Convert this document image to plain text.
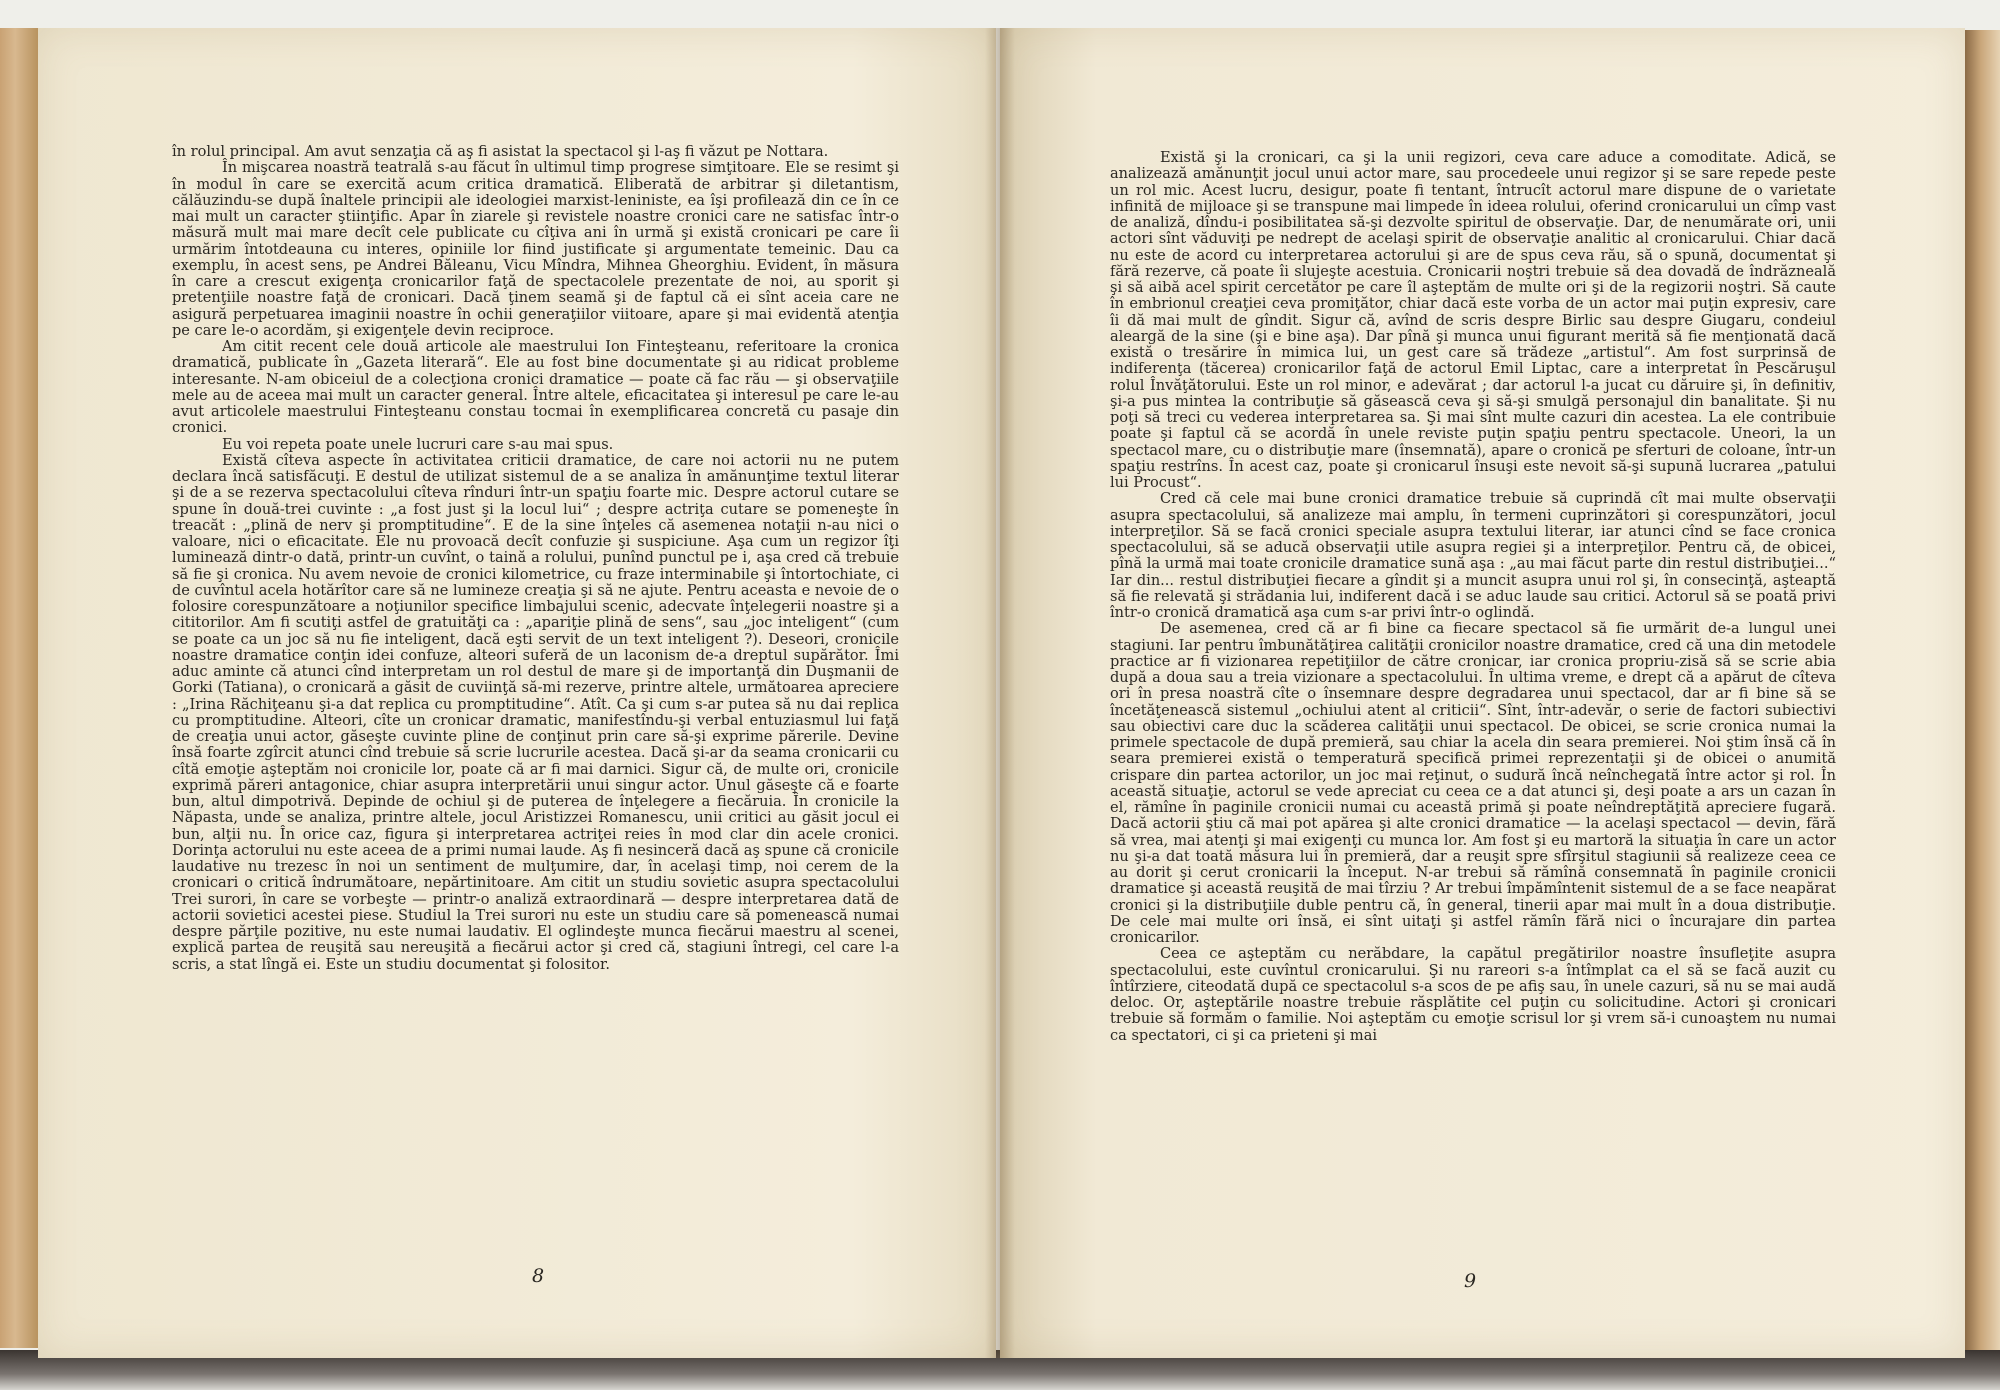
în rolul principal. Am avut senzaţia că aş fi asistat la spectacol şi l-aş fi văzut pe Nottara.

În mişcarea noastră teatrală s-au făcut în ultimul timp progrese simţitoare. Ele se resimt şi în modul în care se exercită acum critica dramatică. Eliberată de arbitrar şi diletantism, călăuzindu-se după înaltele principii ale ideologiei marxist-leniniste, ea îşi profilează din ce în ce mai mult un caracter ştiinţific. Apar în ziarele şi revistele noastre cronici care ne satisfac într-o măsură mult mai mare decît cele publicate cu cîţiva ani în urmă şi există cronicari pe care îi urmărim întotdeauna cu interes, opiniile lor fiind justificate şi argumentate temeinic. Dau ca exemplu, în acest sens, pe Andrei Băleanu, Vicu Mîndra, Mihnea Gheorghiu. Evident, în măsura în care a crescut exigenţa cronicarilor faţă de spectacolele prezentate de noi, au sporit şi pretenţiile noastre faţă de cronicari. Dacă ţinem seamă şi de faptul că ei sînt aceia care ne asigură perpetuarea imaginii noastre în ochii generaţiilor viitoare, apare şi mai evidentă atenţia pe care le-o acordăm, şi exigenţele devin reciproce.

Am citit recent cele două articole ale maestrului Ion Finteşteanu, referitoare la cronica dramatică, publicate în „Gazeta literară“. Ele au fost bine documentate şi au ridicat probleme interesante. N-am obiceiul de a colecţiona cronici dramatice — poate că fac rău — şi observaţiile mele au de aceea mai mult un caracter general. Între altele, eficacitatea şi interesul pe care le-au avut articolele maestrului Finteşteanu constau tocmai în exemplificarea concretă cu pasaje din cronici.

Eu voi repeta poate unele lucruri care s-au mai spus.

Există cîteva aspecte în activitatea criticii dramatice, de care noi actorii nu ne putem declara încă satisfăcuţi. E destul de utilizat sistemul de a se analiza în amănunţime textul literar şi de a se rezerva spectacolului cîteva rînduri într-un spaţiu foarte mic. Despre actorul cutare se spune în două-trei cuvinte : „a fost just şi la locul lui“ ; despre actriţa cutare se pomeneşte în treacăt : „plină de nerv şi promptitudine“. E de la sine înţeles că asemenea notaţii n-au nici o valoare, nici o eficacitate. Ele nu provoacă decît confuzie şi suspiciune. Aşa cum un regizor îţi luminează dintr-o dată, printr-un cuvînt, o taină a rolului, punînd punctul pe i, aşa cred că trebuie să fie şi cronica. Nu avem nevoie de cronici kilometrice, cu fraze interminabile şi întortochiate, ci de cuvîntul acela hotărîtor care să ne lumineze creaţia şi să ne ajute. Pentru aceasta e nevoie de o folosire corespunzătoare a noţiunilor specifice limbajului scenic, adecvate înţelegerii noastre şi a cititorilor. Am fi scutiţi astfel de gratuităţi ca : „apariţie plină de sens“, sau „joc inteligent“ (cum se poate ca un joc să nu fie inteligent, dacă eşti servit de un text inteligent ?). Deseori, cronicile noastre dramatice conţin idei confuze, alteori suferă de un laconism de-a dreptul supărător. Îmi aduc aminte că atunci cînd interpretam un rol destul de mare şi de importanţă din Duşmanii de Gorki (Tatiana), o cronicară a găsit de cuviinţă să-mi rezerve, printre altele, următoarea apreciere : „Irina Răchiţeanu şi-a dat replica cu promptitudine“. Atît. Ca şi cum s-ar putea să nu dai replica cu promptitudine. Alteori, cîte un cronicar dramatic, manifestîndu-şi verbal entuziasmul lui faţă de creaţia unui actor, găseşte cuvinte pline de conţinut prin care să-şi exprime părerile. Devine însă foarte zgîrcit atunci cînd trebuie să scrie lucrurile acestea. Dacă şi-ar da seama cronicarii cu cîtă emoţie aşteptăm noi cronicile lor, poate că ar fi mai darnici. Sigur că, de multe ori, cronicile exprimă păreri antagonice, chiar asupra interpretării unui singur actor. Unul găseşte că e foarte bun, altul dimpotrivă. Depinde de ochiul şi de puterea de înţelegere a fiecăruia. În cronicile la Năpasta, unde se analiza, printre altele, jocul Aristizzei Romanescu, unii critici au găsit jocul ei bun, alţii nu. În orice caz, figura şi interpretarea actriţei reies în mod clar din acele cronici. Dorinţa actorului nu este aceea de a primi numai laude. Aş fi nesinceră dacă aş spune că cronicile laudative nu trezesc în noi un sentiment de mulţumire, dar, în acelaşi timp, noi cerem de la cronicari o critică îndrumătoare, nepărtinitoare. Am citit un studiu sovietic asupra spectacolului Trei surori, în care se vorbeşte — printr-o analiză extraordinară — despre interpretarea dată de actorii sovietici acestei piese. Studiul la Trei surori nu este un studiu care să pomenească numai despre părţile pozitive, nu este numai laudativ. El oglindeşte munca fiecărui maestru al scenei, explică partea de reuşită sau nereuşită a fiecărui actor şi cred că, stagiuni întregi, cel care l-a scris, a stat lîngă ei. Este un studiu documentat şi folositor.

Există şi la cronicari, ca şi la unii regizori, ceva care aduce a comoditate. Adică, se analizează amănunţit jocul unui actor mare, sau procedeele unui regizor şi se sare repede peste un rol mic. Acest lucru, desigur, poate fi tentant, întrucît actorul mare dispune de o varietate infinită de mijloace şi se transpune mai limpede în ideea rolului, oferind cronicarului un cîmp vast de analiză, dîndu-i posibilitatea să-şi dezvolte spiritul de observaţie. Dar, de nenumărate ori, unii actori sînt văduviţi pe nedrept de acelaşi spirit de observaţie analitic al cronicarului. Chiar dacă nu este de acord cu interpretarea actorului şi are de spus ceva rău, să o spună, documentat şi fără rezerve, că poate îi slujeşte acestuia. Cronicarii noştri trebuie să dea dovadă de îndrăzneală şi să aibă acel spirit cercetător pe care îl aşteptăm de multe ori şi de la regizorii noştri. Să caute în embrionul creaţiei ceva promiţător, chiar dacă este vorba de un actor mai puţin expresiv, care îi dă mai mult de gîndit. Sigur că, avînd de scris despre Birlic sau despre Giugaru, condeiul aleargă de la sine (şi e bine aşa). Dar pînă şi munca unui figurant merită să fie menţionată dacă există o tresărire în mimica lui, un gest care să trădeze „artistul“. Am fost surprinsă de indiferenţa (tăcerea) cronicarilor faţă de actorul Emil Liptac, care a interpretat în Pescăruşul rolul Învăţătorului. Este un rol minor, e adevărat ; dar actorul l-a jucat cu dăruire şi, în definitiv, şi-a pus mintea la contribuţie să găsească ceva şi să-şi smulgă personajul din banalitate. Şi nu poţi să treci cu vederea interpretarea sa. Şi mai sînt multe cazuri din acestea. La ele contribuie poate şi faptul că se acordă în unele reviste puţin spaţiu pentru spectacole. Uneori, la un spectacol mare, cu o distribuţie mare (însemnată), apare o cronică pe sferturi de coloane, într-un spaţiu restrîns. În acest caz, poate şi cronicarul însuşi este nevoit să-şi supună lucrarea „patului lui Procust“.

Cred că cele mai bune cronici dramatice trebuie să cuprindă cît mai multe observaţii asupra spectacolului, să analizeze mai amplu, în termeni cuprinzători şi corespunzători, jocul interpreţilor. Să se facă cronici speciale asupra textului literar, iar atunci cînd se face cronica spectacolului, să se aducă observaţii utile asupra regiei şi a interpreţilor. Pentru că, de obicei, pînă la urmă mai toate cronicile dramatice sună aşa : „au mai făcut parte din restul distribuţiei...“ Iar din... restul distribuţiei fiecare a gîndit şi a muncit asupra unui rol şi, în consecinţă, aşteaptă să fie relevată şi strădania lui, indiferent dacă i se aduc laude sau critici. Actorul să se poată privi într-o cronică dramatică aşa cum s-ar privi într-o oglindă.

De asemenea, cred că ar fi bine ca fiecare spectacol să fie urmărit de-a lungul unei stagiuni. Iar pentru îmbunătăţirea calităţii cronicilor noastre dramatice, cred că una din metodele practice ar fi vizionarea repetiţiilor de către cronicar, iar cronica propriu-zisă să se scrie abia după a doua sau a treia vizionare a spectacolului. În ultima vreme, e drept că a apărut de cîteva ori în presa noastră cîte o însemnare despre degradarea unui spectacol, dar ar fi bine să se încetăţenească sistemul „ochiului atent al criticii“. Sînt, într-adevăr, o serie de factori subiectivi sau obiectivi care duc la scăderea calităţii unui spectacol. De obicei, se scrie cronica numai la primele spectacole de după premieră, sau chiar la acela din seara premierei. Noi ştim însă că în seara premierei există o temperatură specifică primei reprezentaţii şi de obicei o anumită crispare din partea actorilor, un joc mai reţinut, o sudură încă neînchegată între actor şi rol. În această situaţie, actorul se vede apreciat cu ceea ce a dat atunci şi, deşi poate a ars un cazan în el, rămîne în paginile cronicii numai cu această primă şi poate neîndreptăţită apreciere fugară. Dacă actorii ştiu că mai pot apărea şi alte cronici dramatice — la acelaşi spectacol — devin, fără să vrea, mai atenţi şi mai exigenţi cu munca lor. Am fost şi eu martoră la situaţia în care un actor nu şi-a dat toată măsura lui în premieră, dar a reuşit spre sfîrşitul stagiunii să realizeze ceea ce au dorit şi cerut cronicarii la început. N-ar trebui să rămînă consemnată în paginile cronicii dramatice şi această reuşită de mai tîrziu ? Ar trebui împămîntenit sistemul de a se face neapărat cronici şi la distribuţiile duble pentru că, în general, tinerii apar mai mult în a doua distribuţie. De cele mai multe ori însă, ei sînt uitaţi şi astfel rămîn fără nici o încurajare din partea cronicarilor.

Ceea ce aşteptăm cu nerăbdare, la capătul pregătirilor noastre însufleţite asupra spectacolului, este cuvîntul cronicarului. Şi nu rareori s-a întîmplat ca el să se facă auzit cu întîrziere, citeodată după ce spectacolul s-a scos de pe afiş sau, în unele cazuri, să nu se mai audă deloc. Or, aşteptările noastre trebuie răsplătite cel puţin cu solicitudine. Actori şi cronicari trebuie să formăm o familie. Noi aşteptăm cu emoţie scrisul lor şi vrem să-i cunoaştem nu numai ca spectatori, ci şi ca prieteni şi mai

8	9
